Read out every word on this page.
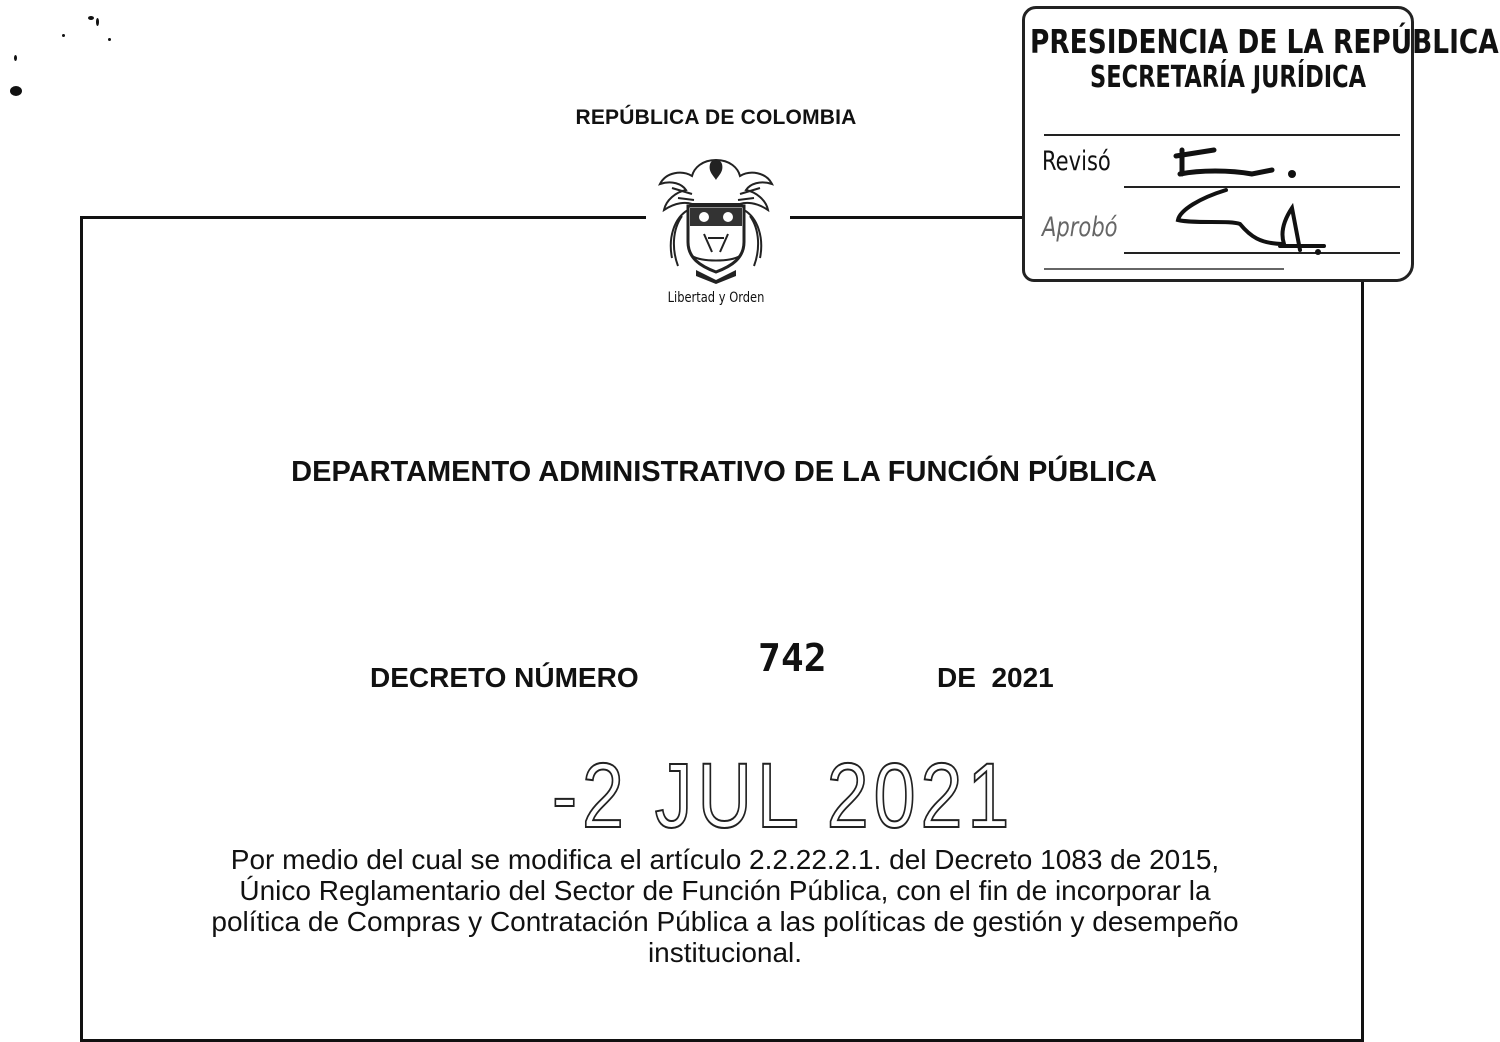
REPÚBLICA DE COLOMBIA
Libertad y Orden
PRESIDENCIA DE LA REPÚBLICA
SECRETARÍA JURÍDICA
Revisó
Aprobó
DEPARTAMENTO ADMINISTRATIVO DE LA FUNCIÓN PÚBLICA
DECRETO NÚMERO	742	DE  2021
-2 JUL 2021
Por medio del cual se modifica el artículo 2.2.22.2.1. del Decreto 1083 de 2015,
Único Reglamentario del Sector de Función Pública, con el fin de incorporar la
política de Compras y Contratación Pública a las políticas de gestión y desempeño
institucional.
